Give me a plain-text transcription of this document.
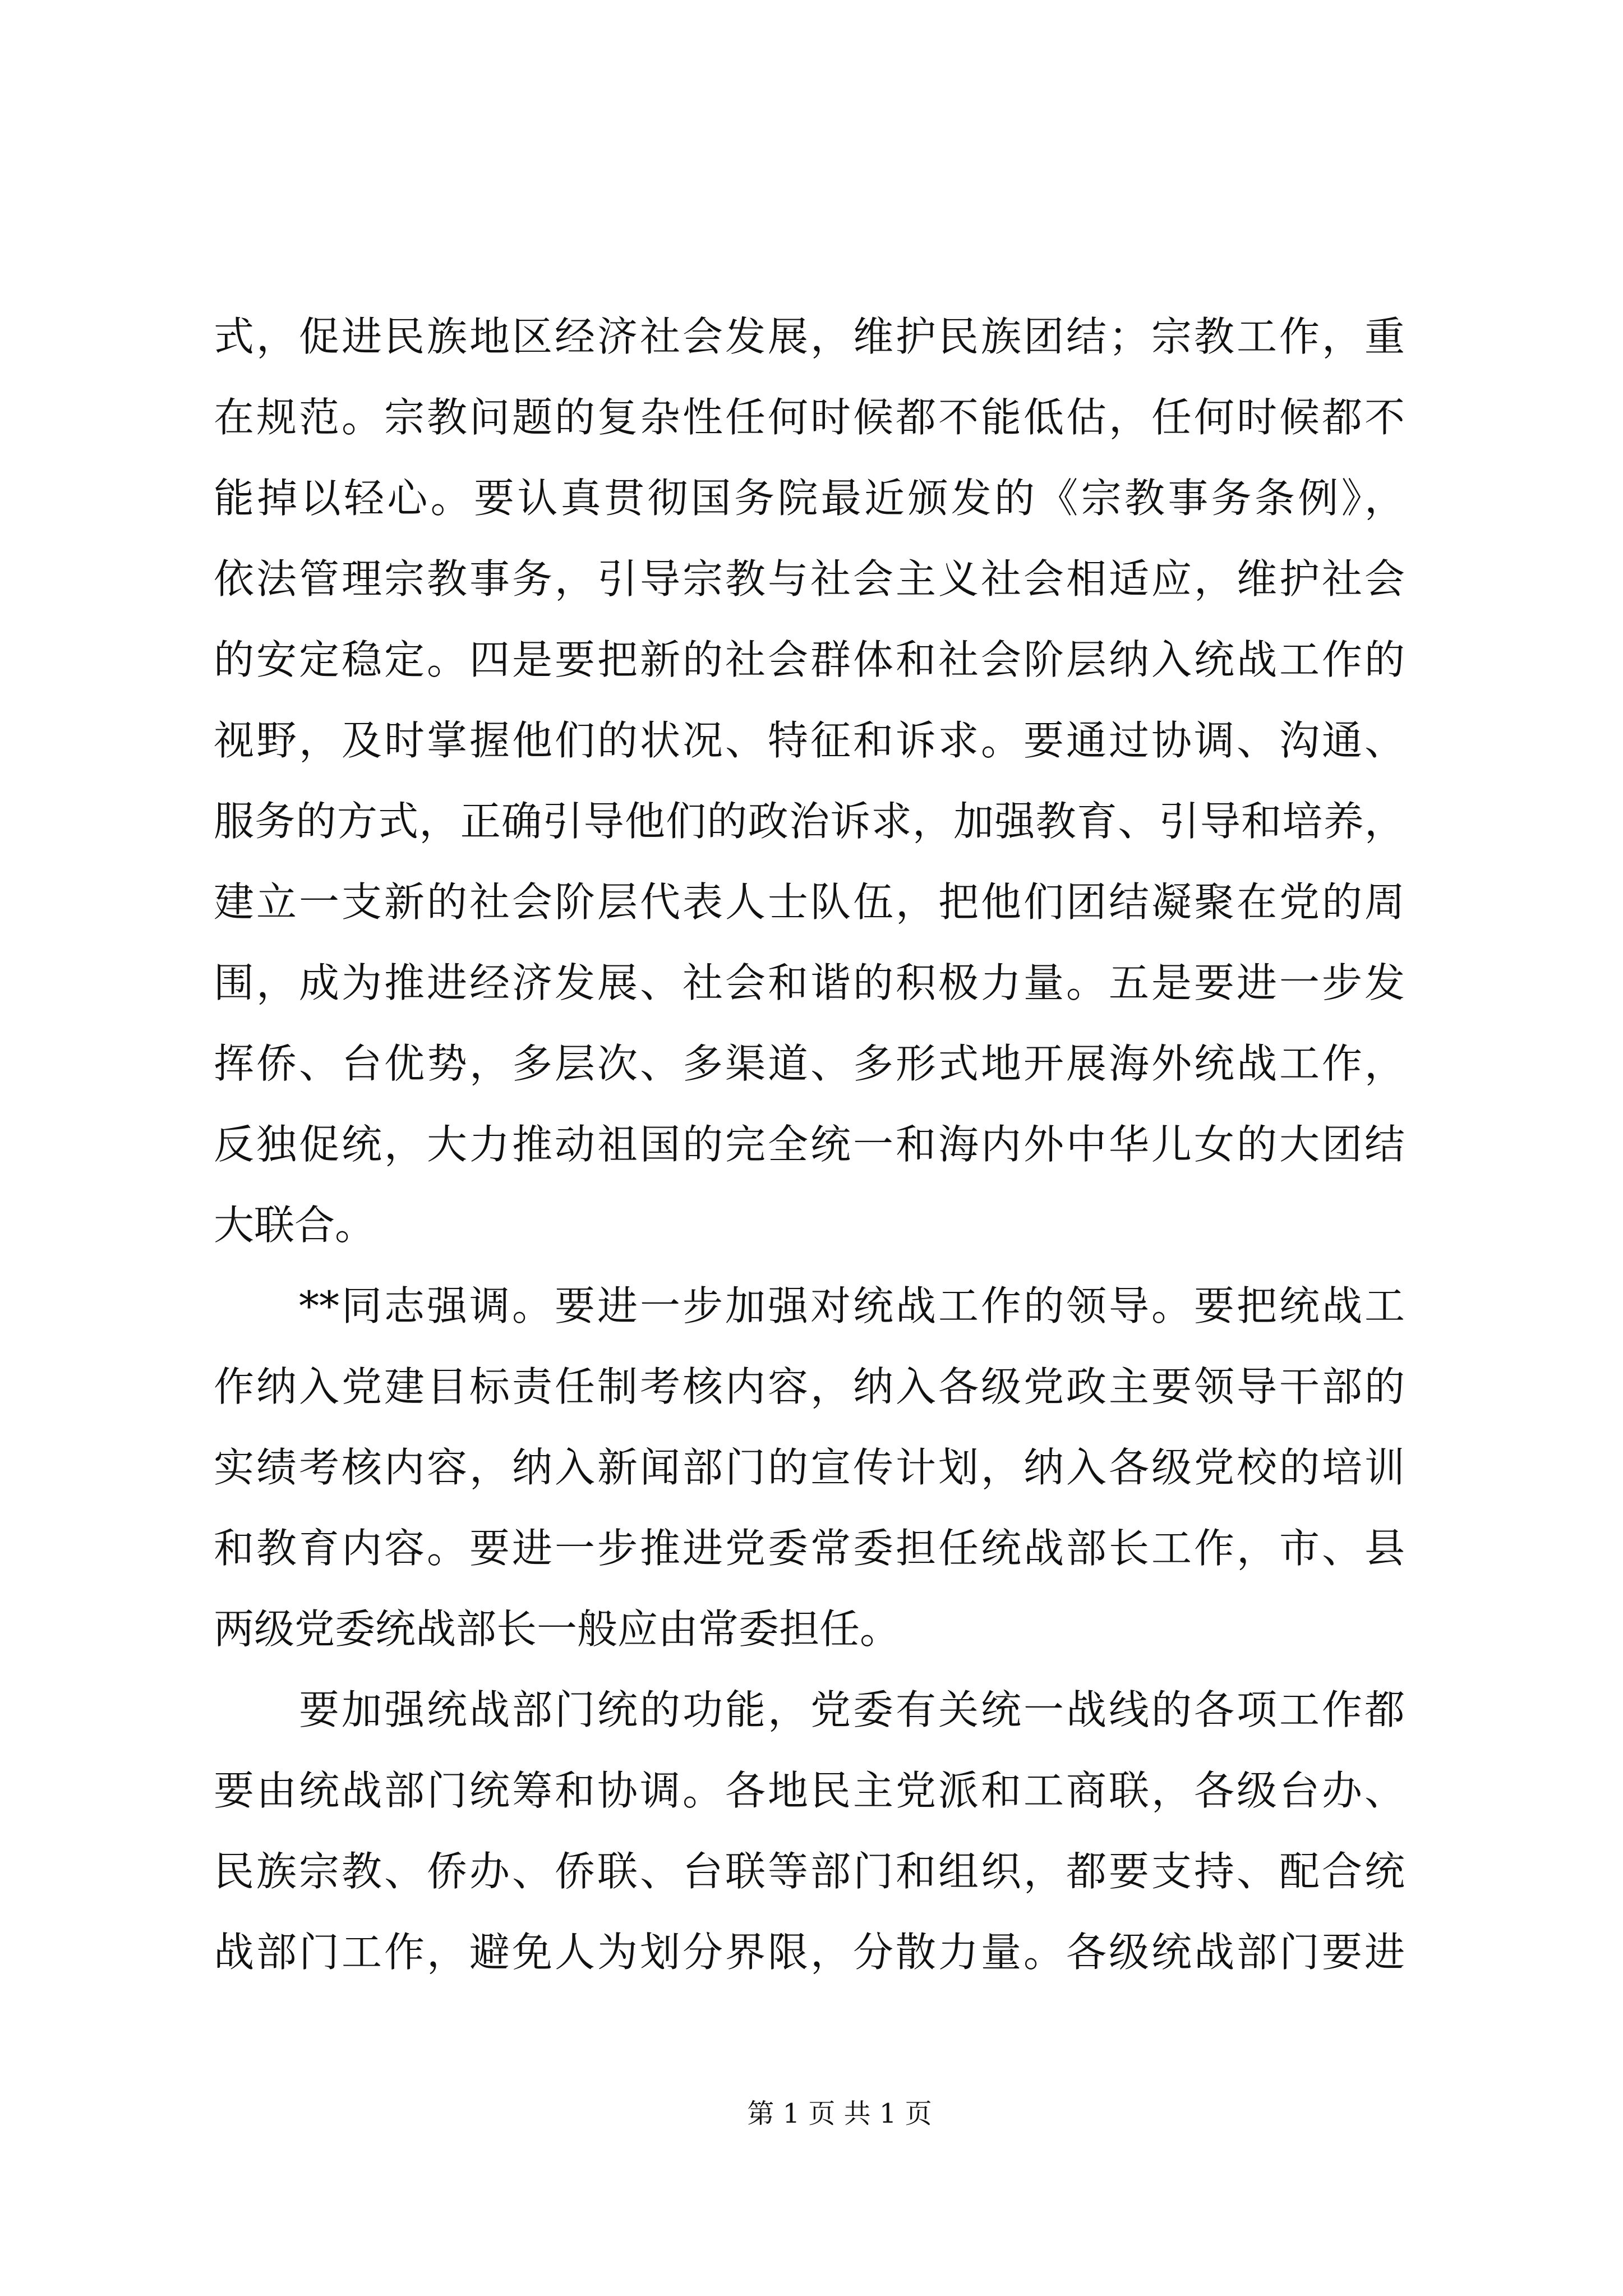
式，促进民族地区经济社会发展，维护民族团结；宗教工作，重
在规范。宗教问题的复杂性任何时候都不能低估，任何时候都不
能掉以轻心。要认真贯彻国务院最近颁发的《宗教事务条例》，
依法管理宗教事务，引导宗教与社会主义社会相适应，维护社会
的安定稳定。四是要把新的社会群体和社会阶层纳入统战工作的
视野，及时掌握他们的状况、特征和诉求。要通过协调、沟通、
服务的方式，正确引导他们的政治诉求，加强教育、引导和培养，
建立一支新的社会阶层代表人士队伍，把他们团结凝聚在党的周
围，成为推进经济发展、社会和谐的积极力量。五是要进一步发
挥侨、台优势，多层次、多渠道、多形式地开展海外统战工作，
反独促统，大力推动祖国的完全统一和海内外中华儿女的大团结
大联合。
**同志强调。要进一步加强对统战工作的领导。要把统战工
作纳入党建目标责任制考核内容，纳入各级党政主要领导干部的
实绩考核内容，纳入新闻部门的宣传计划，纳入各级党校的培训
和教育内容。要进一步推进党委常委担任统战部长工作，市、县
两级党委统战部长一般应由常委担任。
要加强统战部门统的功能，党委有关统一战线的各项工作都
要由统战部门统筹和协调。各地民主党派和工商联，各级台办、
民族宗教、侨办、侨联、台联等部门和组织，都要支持、配合统
战部门工作，避免人为划分界限，分散力量。各级统战部门要进
第 1 页 共 1 页
